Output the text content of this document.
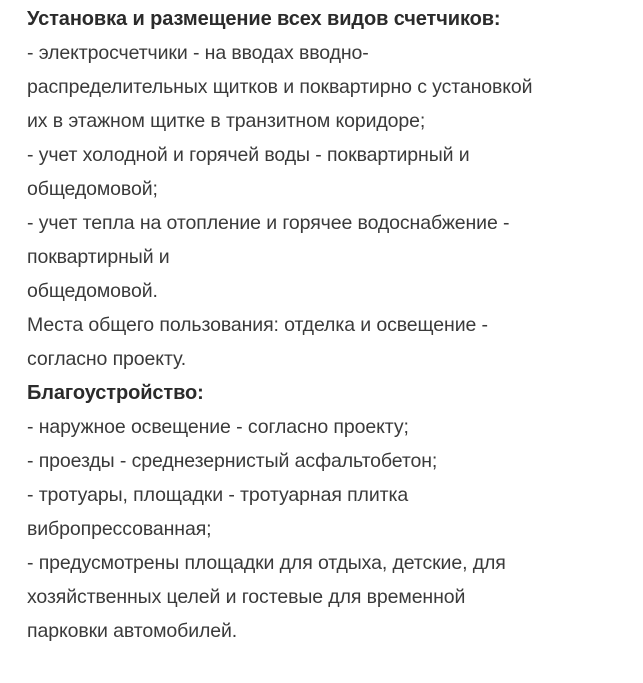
Установка и размещение всех видов счетчиков:
- электросчетчики - на вводах вводно-
распределительных щитков и поквартирно с установкой
их в этажном щитке в транзитном коридоре;
- учет холодной и горячей воды - поквартирный и
общедомовой;
- учет тепла на отопление и горячее водоснабжение -
поквартирный и
общедомовой.
Места общего пользования: отделка и освещение -
согласно проекту.
Благоустройство:
- наружное освещение - согласно проекту;
- проезды - среднезернистый асфальтобетон;
- тротуары, площадки - тротуарная плитка
вибропрессованная;
- предусмотрены площадки для отдыха, детские, для
хозяйственных целей и гостевые для временной
парковки автомобилей.
